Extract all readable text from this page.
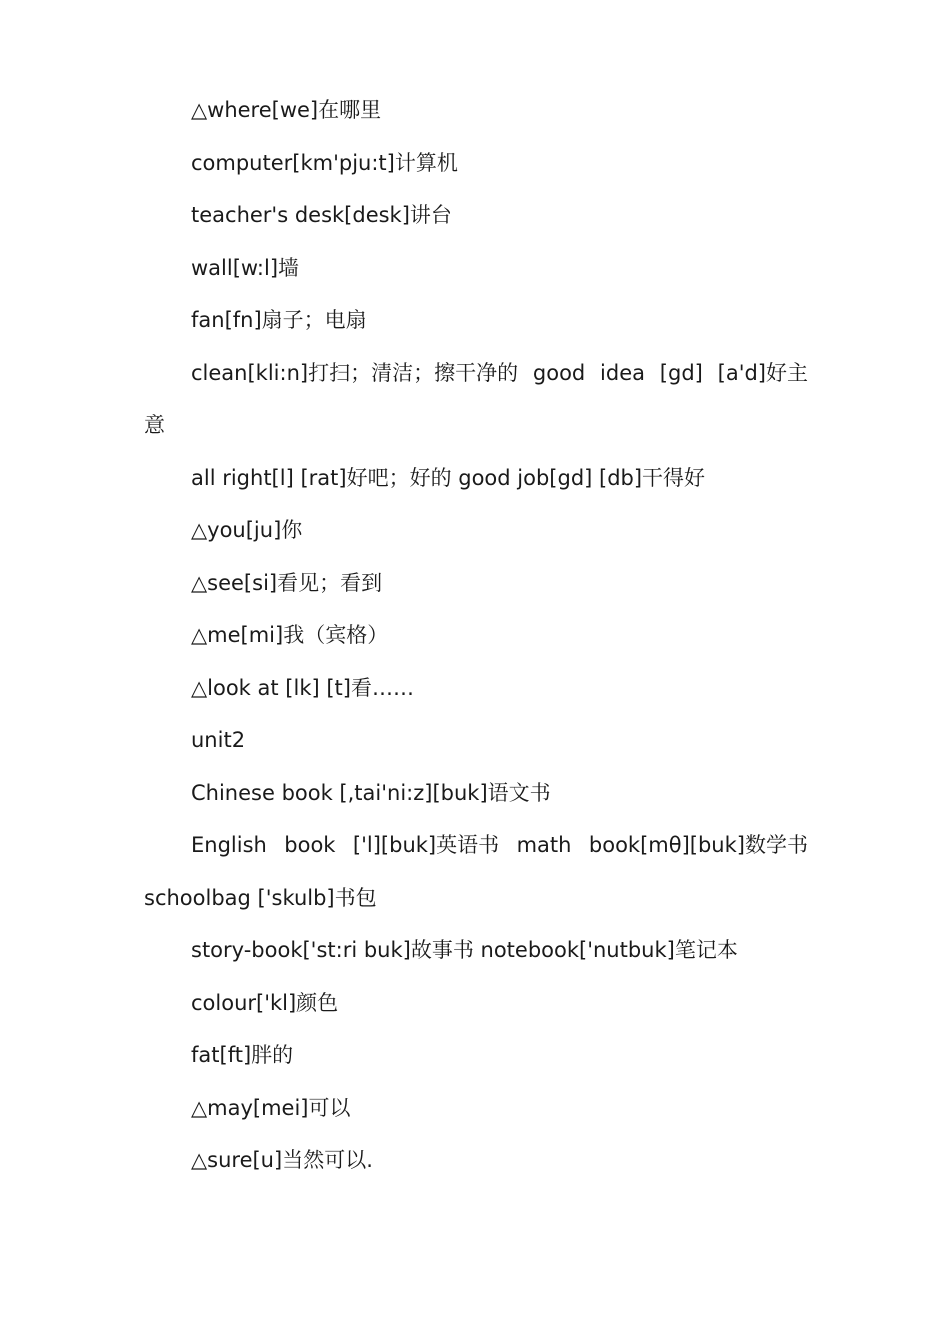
△where[we]在哪里
computer[km'pju:t]计算机
teacher's desk[desk]讲台
wall[w:l]墙
fan[fn]扇子；电扇
clean[kli:n]打扫；清洁；擦干净的 good idea [gd] [a'd]好主
意
all right[l] [rat]好吧；好的 good job[gd] [db]干得好
△you[ju]你
△see[si]看见；看到
△me[mi]我（宾格）
△look at [lk] [t]看……
unit2
Chinese book [,tai'ni:z][buk]语文书
English book ['l][buk]英语书 math book[mθ][buk]数学书
schoolbag ['skulb]书包
story-book['st:ri buk]故事书 notebook['nutbuk]笔记本
colour['kl]颜色
fat[ft]胖的
△may[mei]可以
△sure[u]当然可以.
